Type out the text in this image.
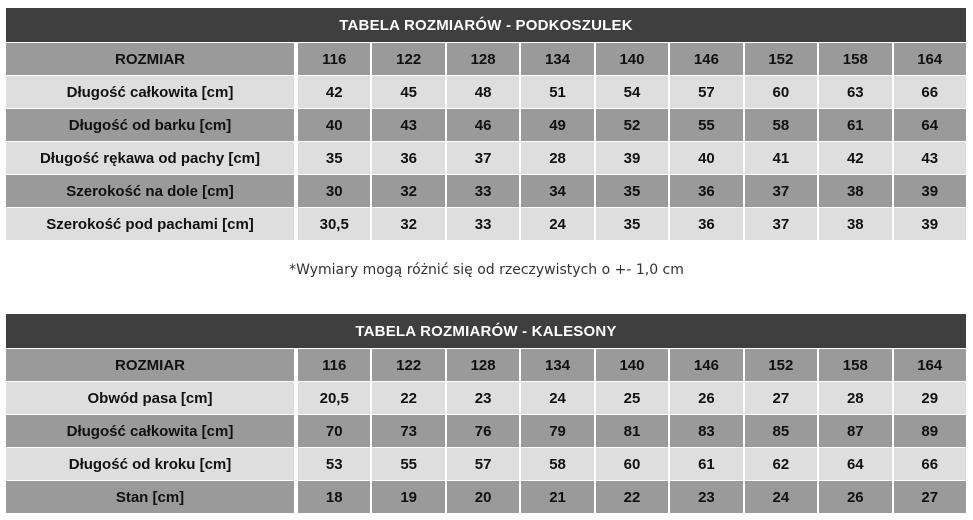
TABELA ROZMIARÓW - PODKOSZULEK
ROZMIAR	116	122	128	134	140	146	152	158	164
Długość całkowita [cm]	42	45	48	51	54	57	60	63	66
Długość od barku [cm]	40	43	46	49	52	55	58	61	64
Długość rękawa od pachy [cm]	35	36	37	28	39	40	41	42	43
Szerokość na dole [cm]	30	32	33	34	35	36	37	38	39
Szerokość pod pachami [cm]	30,5	32	33	24	35	36	37	38	39
*Wymiary mogą różnić się od rzeczywistych o +- 1,0 cm
TABELA ROZMIARÓW - KALESONY
ROZMIAR	116	122	128	134	140	146	152	158	164
Obwód pasa [cm]	20,5	22	23	24	25	26	27	28	29
Długość całkowita [cm]	70	73	76	79	81	83	85	87	89
Długość od kroku [cm]	53	55	57	58	60	61	62	64	66
Stan [cm]	18	19	20	21	22	23	24	26	27
